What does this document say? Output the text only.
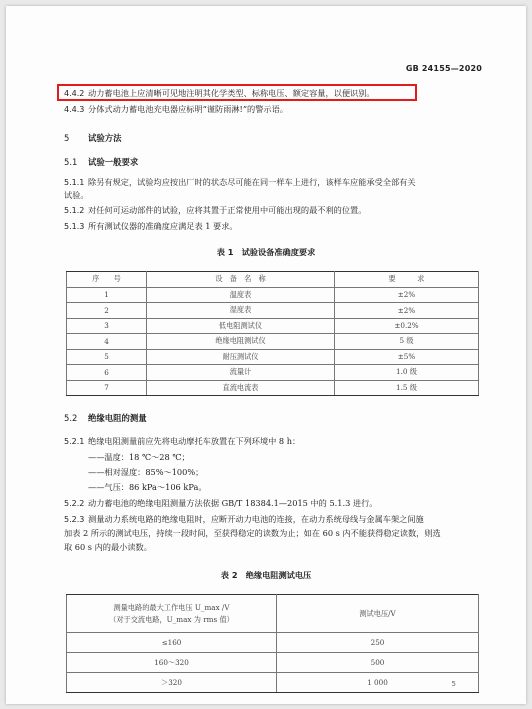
GB 24155—2020
4.4.2 动力蓄电池上应清晰可见地注明其化学类型、标称电压、额定容量，以便识别。
4.4.3 分体式动力蓄电池充电器应标明“谨防雨淋!”的警示语。
5 试验方法
5.1 试验一般要求
5.1.1 除另有规定，试验均应按出厂时的状态尽可能在同一样车上进行，该样车应能承受全部有关
试验。
5.1.2 对任何可运动部件的试验，应将其置于正常使用中可能出现的最不利的位置。
5.1.3 所有测试仪器的准确度应满足表 1 要求。
表 1　试验设备准确度要求
序　　号	设　备　名　称	要　　　求
1	温度表	±2%
2	湿度表	±2%
3	低电阻测试仪	±0.2%
4	绝缘电阻测试仪	5 级
5	耐压测试仪	±5%
6	流量计	1.0 级
7	直流电流表	1.5 级
5.2 绝缘电阻的测量
5.2.1 绝缘电阻测量前应先将电动摩托车放置在下列环境中 8 h：
——温度：18 ℃～28 ℃；
——相对湿度：85%～100%；
——气压：86 kPa～106 kPa。
5.2.2 动力蓄电池的绝缘电阻测量方法依据 GB/T 18384.1—2015 中的 5.1.3 进行。
5.2.3 测量动力系统电路的绝缘电阻时，应断开动力电池的连接，在动力系统母线与金属车架之间施
加表 2 所示的测试电压，持续一段时间，至获得稳定的读数为止；如在 60 s 内不能获得稳定读数，则选
取 60 s 内的最小读数。
表 2　绝缘电阻测试电压
测量电路的最大工作电压 U_max /V
（对于交流电路，U_max 为 rms 值）	测试电压/V
≤160	250
160～320	500
＞320	1 000	5
